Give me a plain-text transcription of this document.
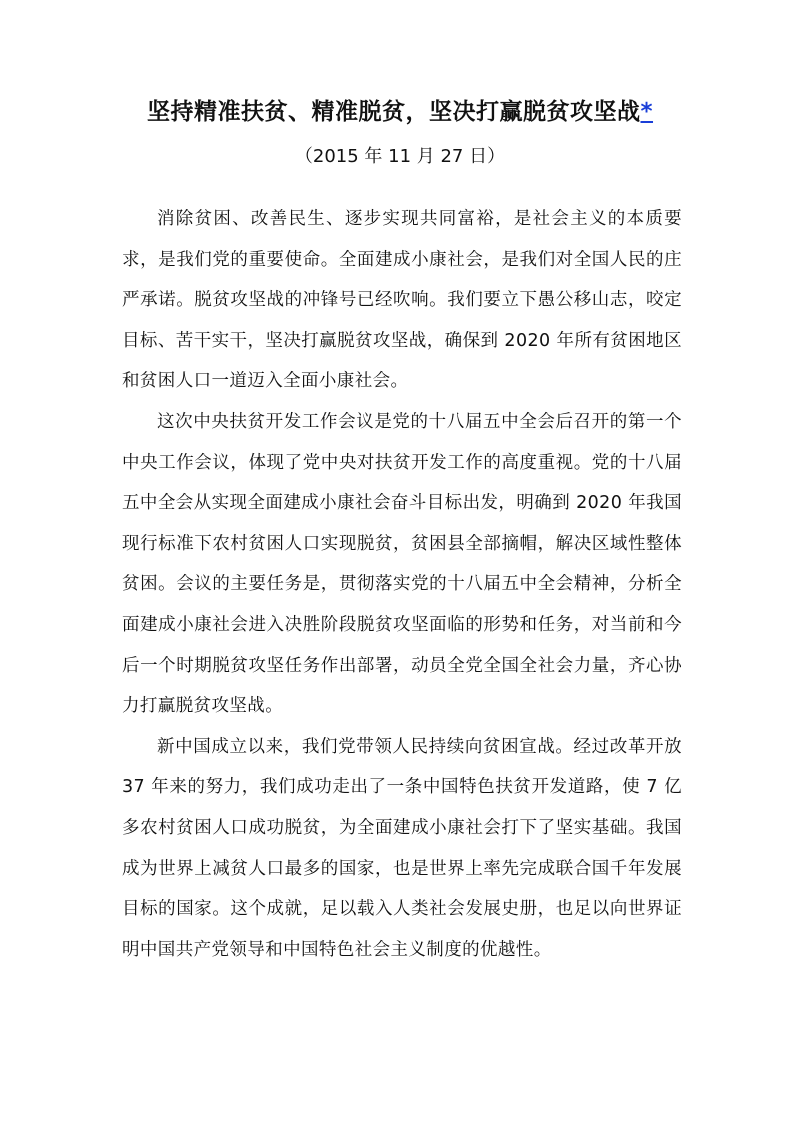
坚持精准扶贫、精准脱贫，坚决打赢脱贫攻坚战*

（2015 年 11 月 27 日）

消除贫困、改善民生、逐步实现共同富裕，是社会主义的本质要求，是我们党的重要使命。全面建成小康社会，是我们对全国人民的庄严承诺。脱贫攻坚战的冲锋号已经吹响。我们要立下愚公移山志，咬定目标、苦干实干，坚决打赢脱贫攻坚战，确保到 2020 年所有贫困地区和贫困人口一道迈入全面小康社会。

这次中央扶贫开发工作会议是党的十八届五中全会后召开的第一个中央工作会议，体现了党中央对扶贫开发工作的高度重视。党的十八届五中全会从实现全面建成小康社会奋斗目标出发，明确到 2020 年我国现行标准下农村贫困人口实现脱贫，贫困县全部摘帽，解决区域性整体贫困。会议的主要任务是，贯彻落实党的十八届五中全会精神，分析全面建成小康社会进入决胜阶段脱贫攻坚面临的形势和任务，对当前和今后一个时期脱贫攻坚任务作出部署，动员全党全国全社会力量，齐心协力打赢脱贫攻坚战。

新中国成立以来，我们党带领人民持续向贫困宣战。经过改革开放 37 年来的努力，我们成功走出了一条中国特色扶贫开发道路，使 7 亿多农村贫困人口成功脱贫，为全面建成小康社会打下了坚实基础。我国成为世界上减贫人口最多的国家，也是世界上率先完成联合国千年发展目标的国家。这个成就，足以载入人类社会发展史册，也足以向世界证明中国共产党领导和中国特色社会主义制度的优越性。
